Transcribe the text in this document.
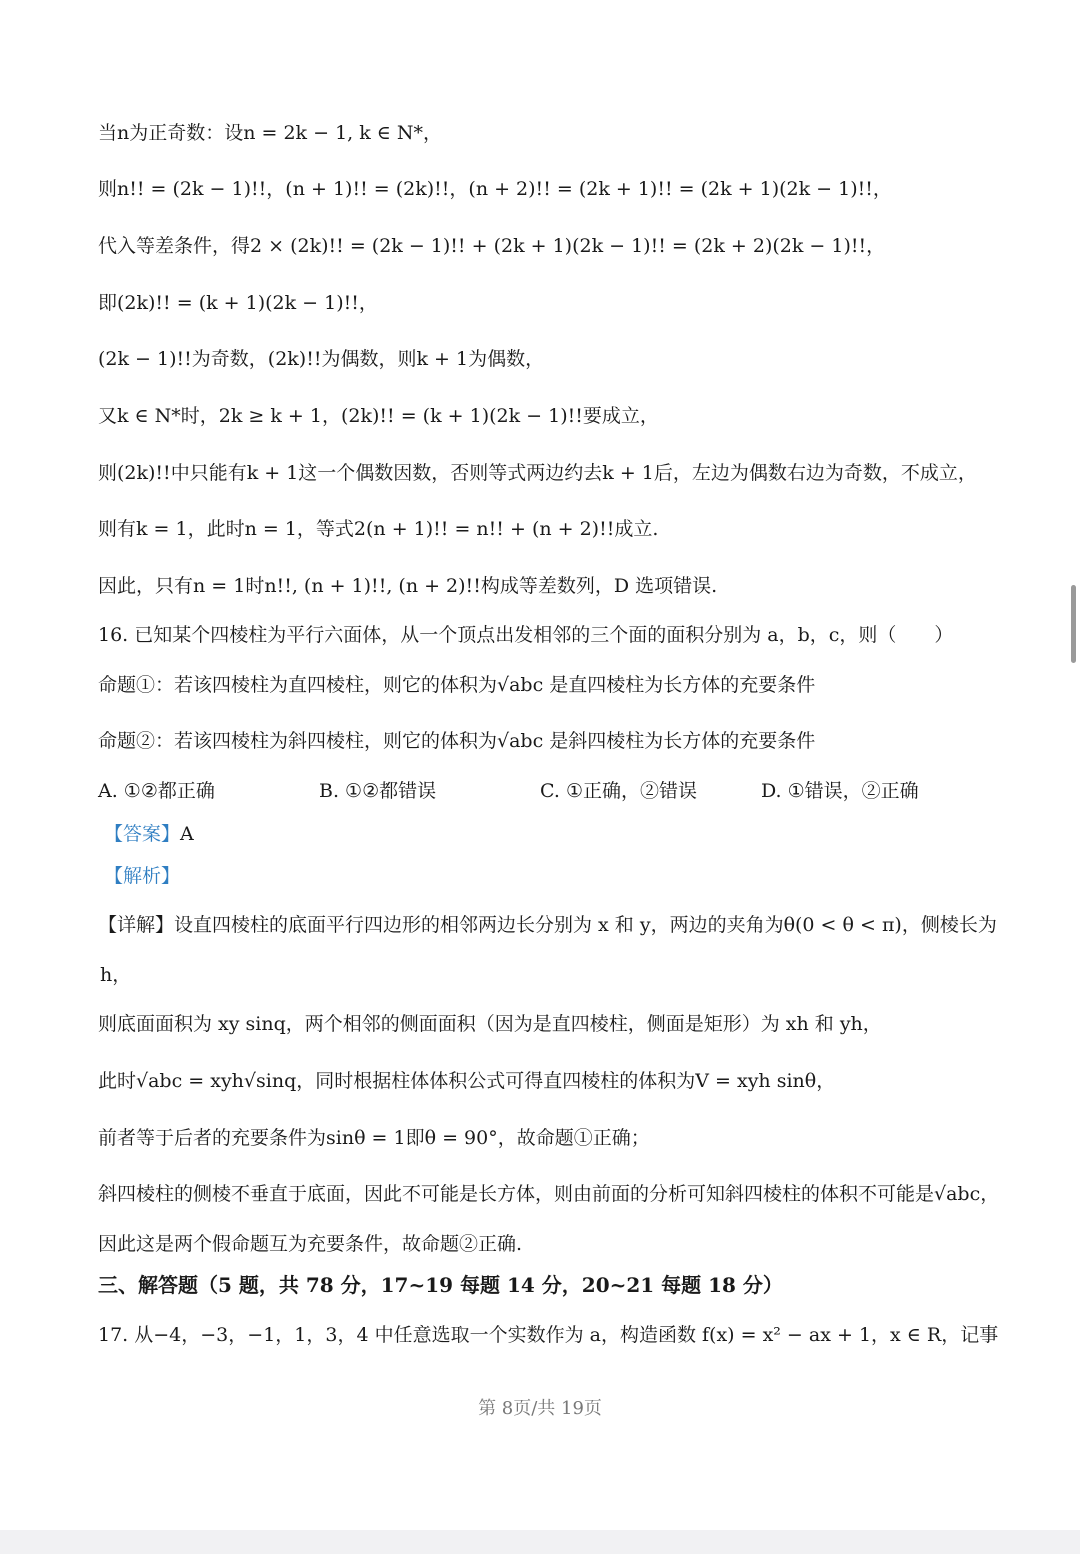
当n为正奇数：设n = 2k − 1, k ∈ N*，
则n!! = (2k − 1)!!，(n + 1)!! = (2k)!!，(n + 2)!! = (2k + 1)!! = (2k + 1)(2k − 1)!!，
代入等差条件，得2 × (2k)!! = (2k − 1)!! + (2k + 1)(2k − 1)!! = (2k + 2)(2k − 1)!!，
即(2k)!! = (k + 1)(2k − 1)!!，
(2k − 1)!!为奇数，(2k)!!为偶数，则k + 1为偶数，
又k ∈ N*时，2k ≥ k + 1，(2k)!! = (k + 1)(2k − 1)!!要成立，
则(2k)!!中只能有k + 1这一个偶数因数，否则等式两边约去k + 1后，左边为偶数右边为奇数，不成立，
则有k = 1，此时n = 1，等式2(n + 1)!! = n!! + (n + 2)!!成立.
因此，只有n = 1时n!!, (n + 1)!!, (n + 2)!!构成等差数列，D 选项错误.
16. 已知某个四棱柱为平行六面体，从一个顶点出发相邻的三个面的面积分别为 a，b，c，则（　　）
命题①：若该四棱柱为直四棱柱，则它的体积为√abc 是直四棱柱为长方体的充要条件
命题②：若该四棱柱为斜四棱柱，则它的体积为√abc 是斜四棱柱为长方体的充要条件
A. ①②都正确	B. ①②都错误	C. ①正确，②错误	D. ①错误，②正确
【答案】A
【解析】
【详解】设直四棱柱的底面平行四边形的相邻两边长分别为 x 和 y，两边的夹角为θ(0 < θ < π)，侧棱长为
h，
则底面面积为 xy sinq，两个相邻的侧面面积（因为是直四棱柱，侧面是矩形）为 xh 和 yh，
此时√abc = xyh√sinq，同时根据柱体体积公式可得直四棱柱的体积为V = xyh sinθ，
前者等于后者的充要条件为sinθ = 1即θ = 90°，故命题①正确；
斜四棱柱的侧棱不垂直于底面，因此不可能是长方体，则由前面的分析可知斜四棱柱的体积不可能是√abc，
因此这是两个假命题互为充要条件，故命题②正确.
三、解答题（5 题，共 78 分，17~19 每题 14 分，20~21 每题 18 分）
17. 从−4，−3，−1，1，3，4 中任意选取一个实数作为 a，构造函数 f(x) = x² − ax + 1，x ∈ R，记事
第 8页/共 19页
